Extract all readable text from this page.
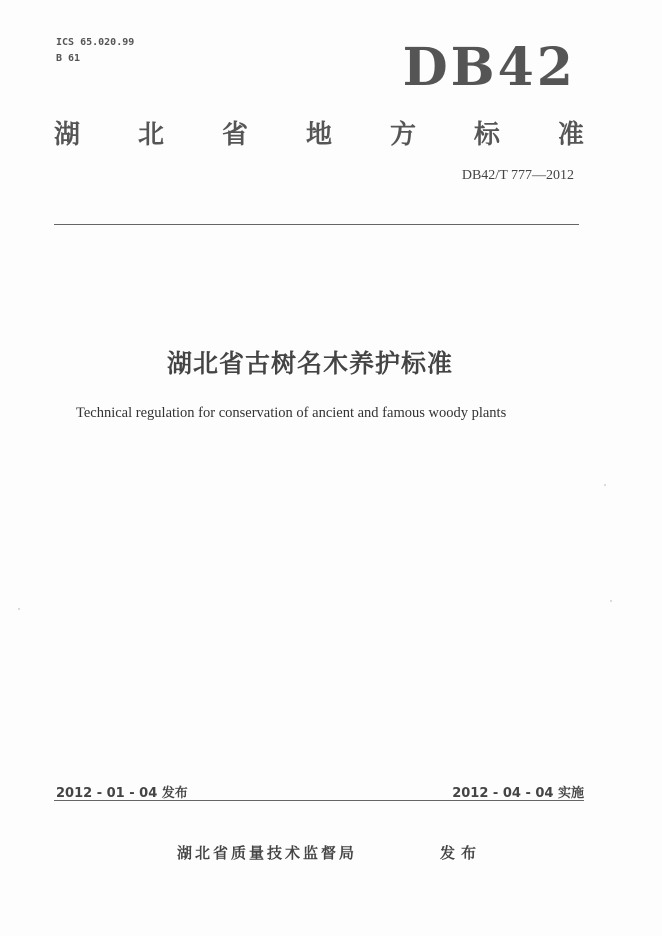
ICS 65.020.99
B 61	DB42
湖 北 省 地 方 标 准
DB42/T 777—2012
湖北省古树名木养护标准
Technical regulation for conservation of ancient and famous woody plants
2012 - 01 - 04 发布	2012 - 04 - 04 实施
湖北省质量技术监督局	发布
